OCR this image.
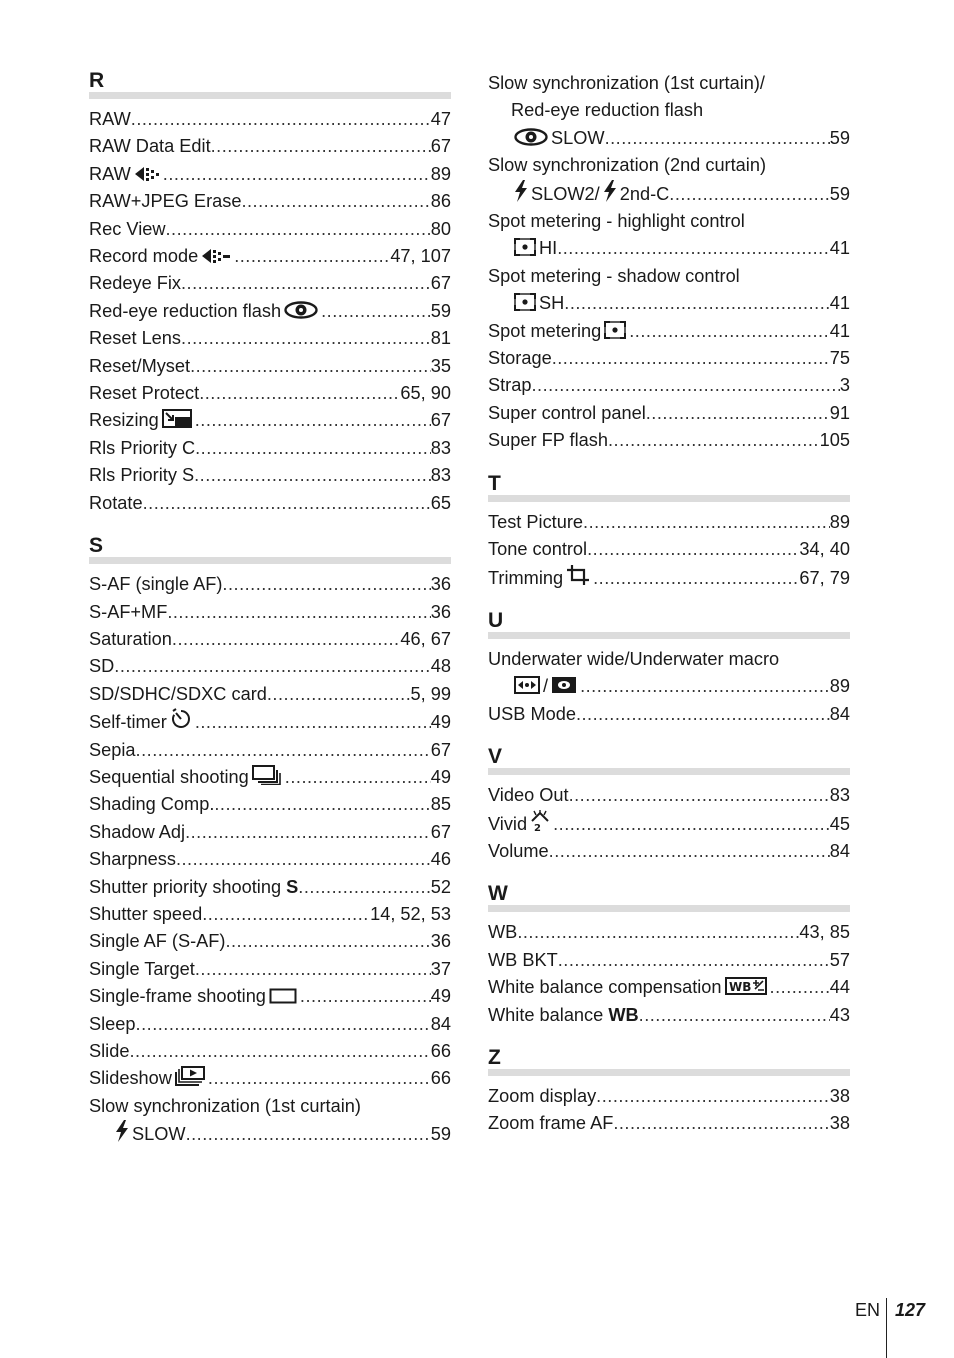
R
RAW .....	47
RAW Data Edit .....	67
RAW .....	89
RAW+JPEG Erase .....	86
Rec View .....	80
Record mode .....	47, 107
Redeye Fix .....	67
Red-eye reduction flash .....	59
Reset Lens .....	81
Reset/Myset .....	35
Reset Protect .....	65, 90
Resizing .....	67
Rls Priority C .....	83
Rls Priority S .....	83
Rotate .....	65
S
S-AF (single AF) .....	36
S-AF+MF .....	36
Saturation .....	46, 67
SD .....	48
SD/SDHC/SDXC card .....	5, 99
Self-timer .....	49
Sepia .....	67
Sequential shooting .....	49
Shading Comp. .....	85
Shadow Adj .....	67
Sharpness .....	46
Shutter priority shooting S .....	52
Shutter speed .....	14, 52, 53
Single AF (S-AF) .....	36
Single Target .....	37
Single-frame shooting .....	49
Sleep .....	84
Slide .....	66
Slideshow .....	66
Slow synchronization (1st curtain)
SLOW .....	59
Slow synchronization (1st curtain)/
Red-eye reduction flash
SLOW .....	59
Slow synchronization (2nd curtain)
SLOW2/ 2nd-C .....	59
Spot metering - highlight control
HI .....	41
Spot metering - shadow control
SH .....	41
Spot metering .....	41
Storage .....	75
Strap .....	3
Super control panel .....	91
Super FP flash .....	105
T
Test Picture .....	89
Tone control .....	34, 40
Trimming .....	67, 79
U
Underwater wide/Underwater macro
/ .....	89
USB Mode .....	84
V
Video Out .....	83
Vivid 2 .....	45
Volume .....	84
W
WB .....	43, 85
WB BKT .....	57
White balance compensation WB .....	44
White balance WB .....	43
Z
Zoom display .....	38
Zoom frame AF .....	38
EN 127
